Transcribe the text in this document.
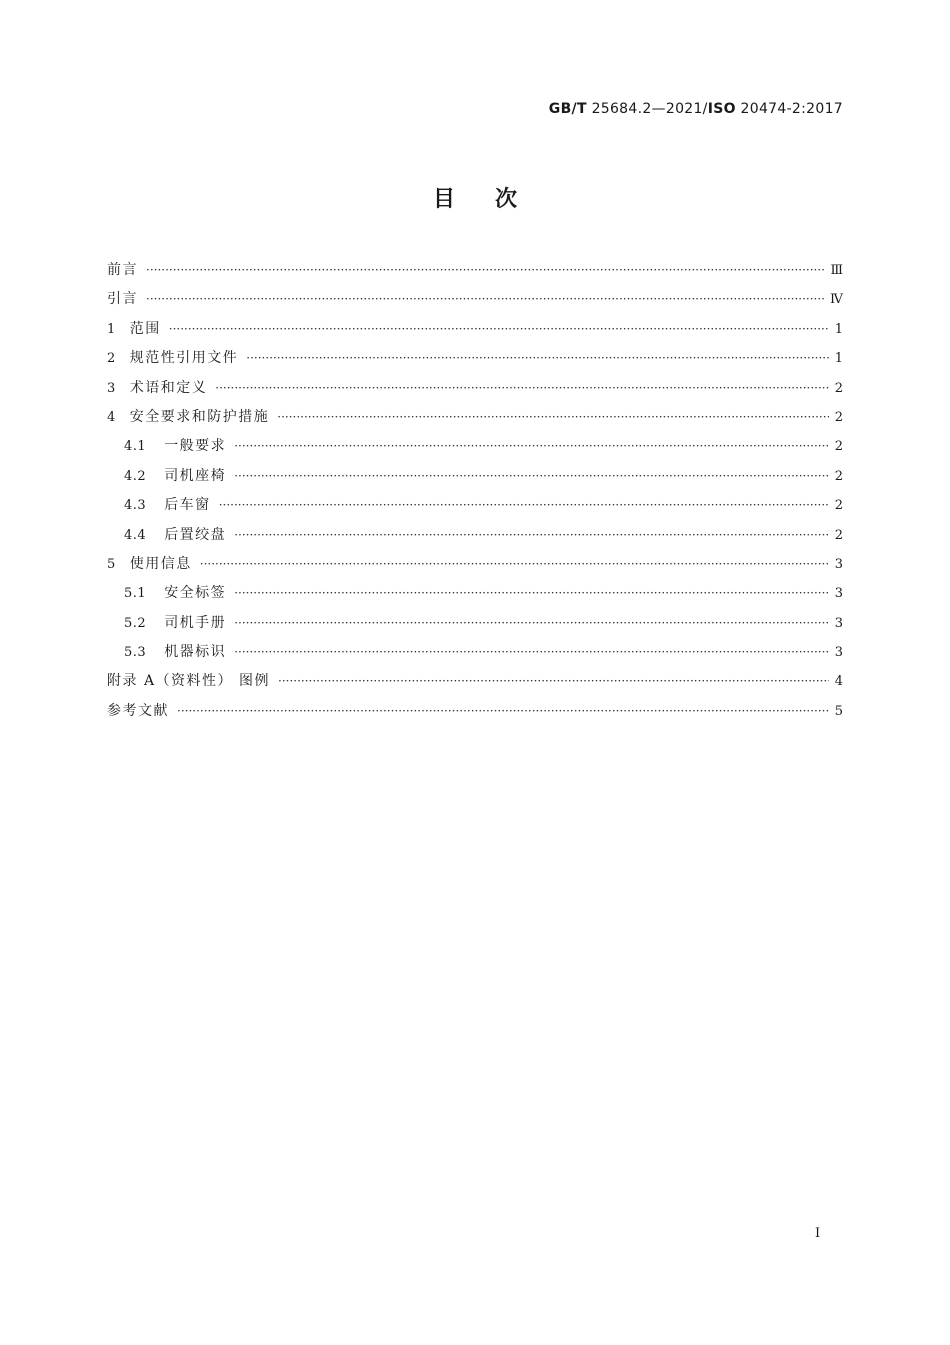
GB/T 25684.2—2021/ISO 20474-2:2017
目次
前言 ·····	Ⅲ
引言 ·····	Ⅳ
1 范围 ·····	1
2 规范性引用文件 ·····	1
3 术语和定义 ·····	2
4 安全要求和防护措施 ·····	2
4.1 一般要求 ·····	2
4.2 司机座椅 ·····	2
4.3 后车窗 ·····	2
4.4 后置绞盘 ·····	2
5 使用信息 ·····	3
5.1 安全标签 ·····	3
5.2 司机手册 ·····	3
5.3 机器标识 ·····	3
附录 A（资料性） 图例 ·····	4
参考文献 ·····	5
Ⅰ
